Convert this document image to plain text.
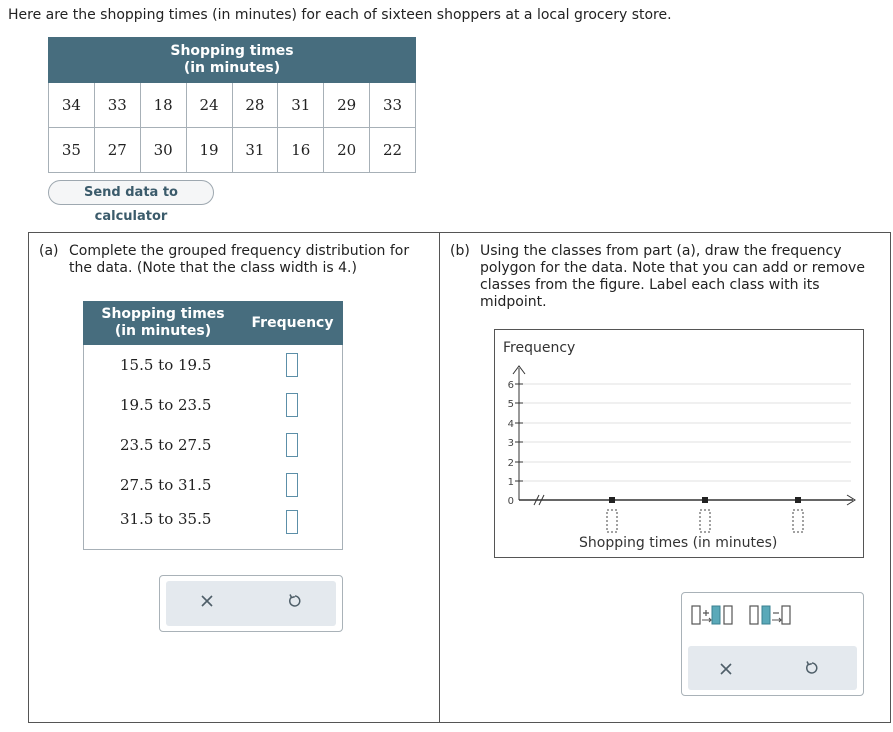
Here are the shopping times (in minutes) for each of sixteen shoppers at a local grocery store.
Shopping times
(in minutes)							
34	33	18	24	28	31	29	33
35	27	30	19	31	16	20	22
Send data to calculator
(a) Complete the grouped frequency distribution for
the data. (Note that the class width is 4.)
Shopping times
(in minutes)	Frequency
15.5 to 19.5	
19.5 to 23.5	
23.5 to 27.5	
27.5 to 31.5	
31.5 to 35.5	
(b) Using the classes from part (a), draw the frequency
polygon for the data. Note that you can add or remove
classes from the figure. Label each class with its
midpoint.
Frequency
0
1
2
3
4
5
6
Shopping times (in minutes)
